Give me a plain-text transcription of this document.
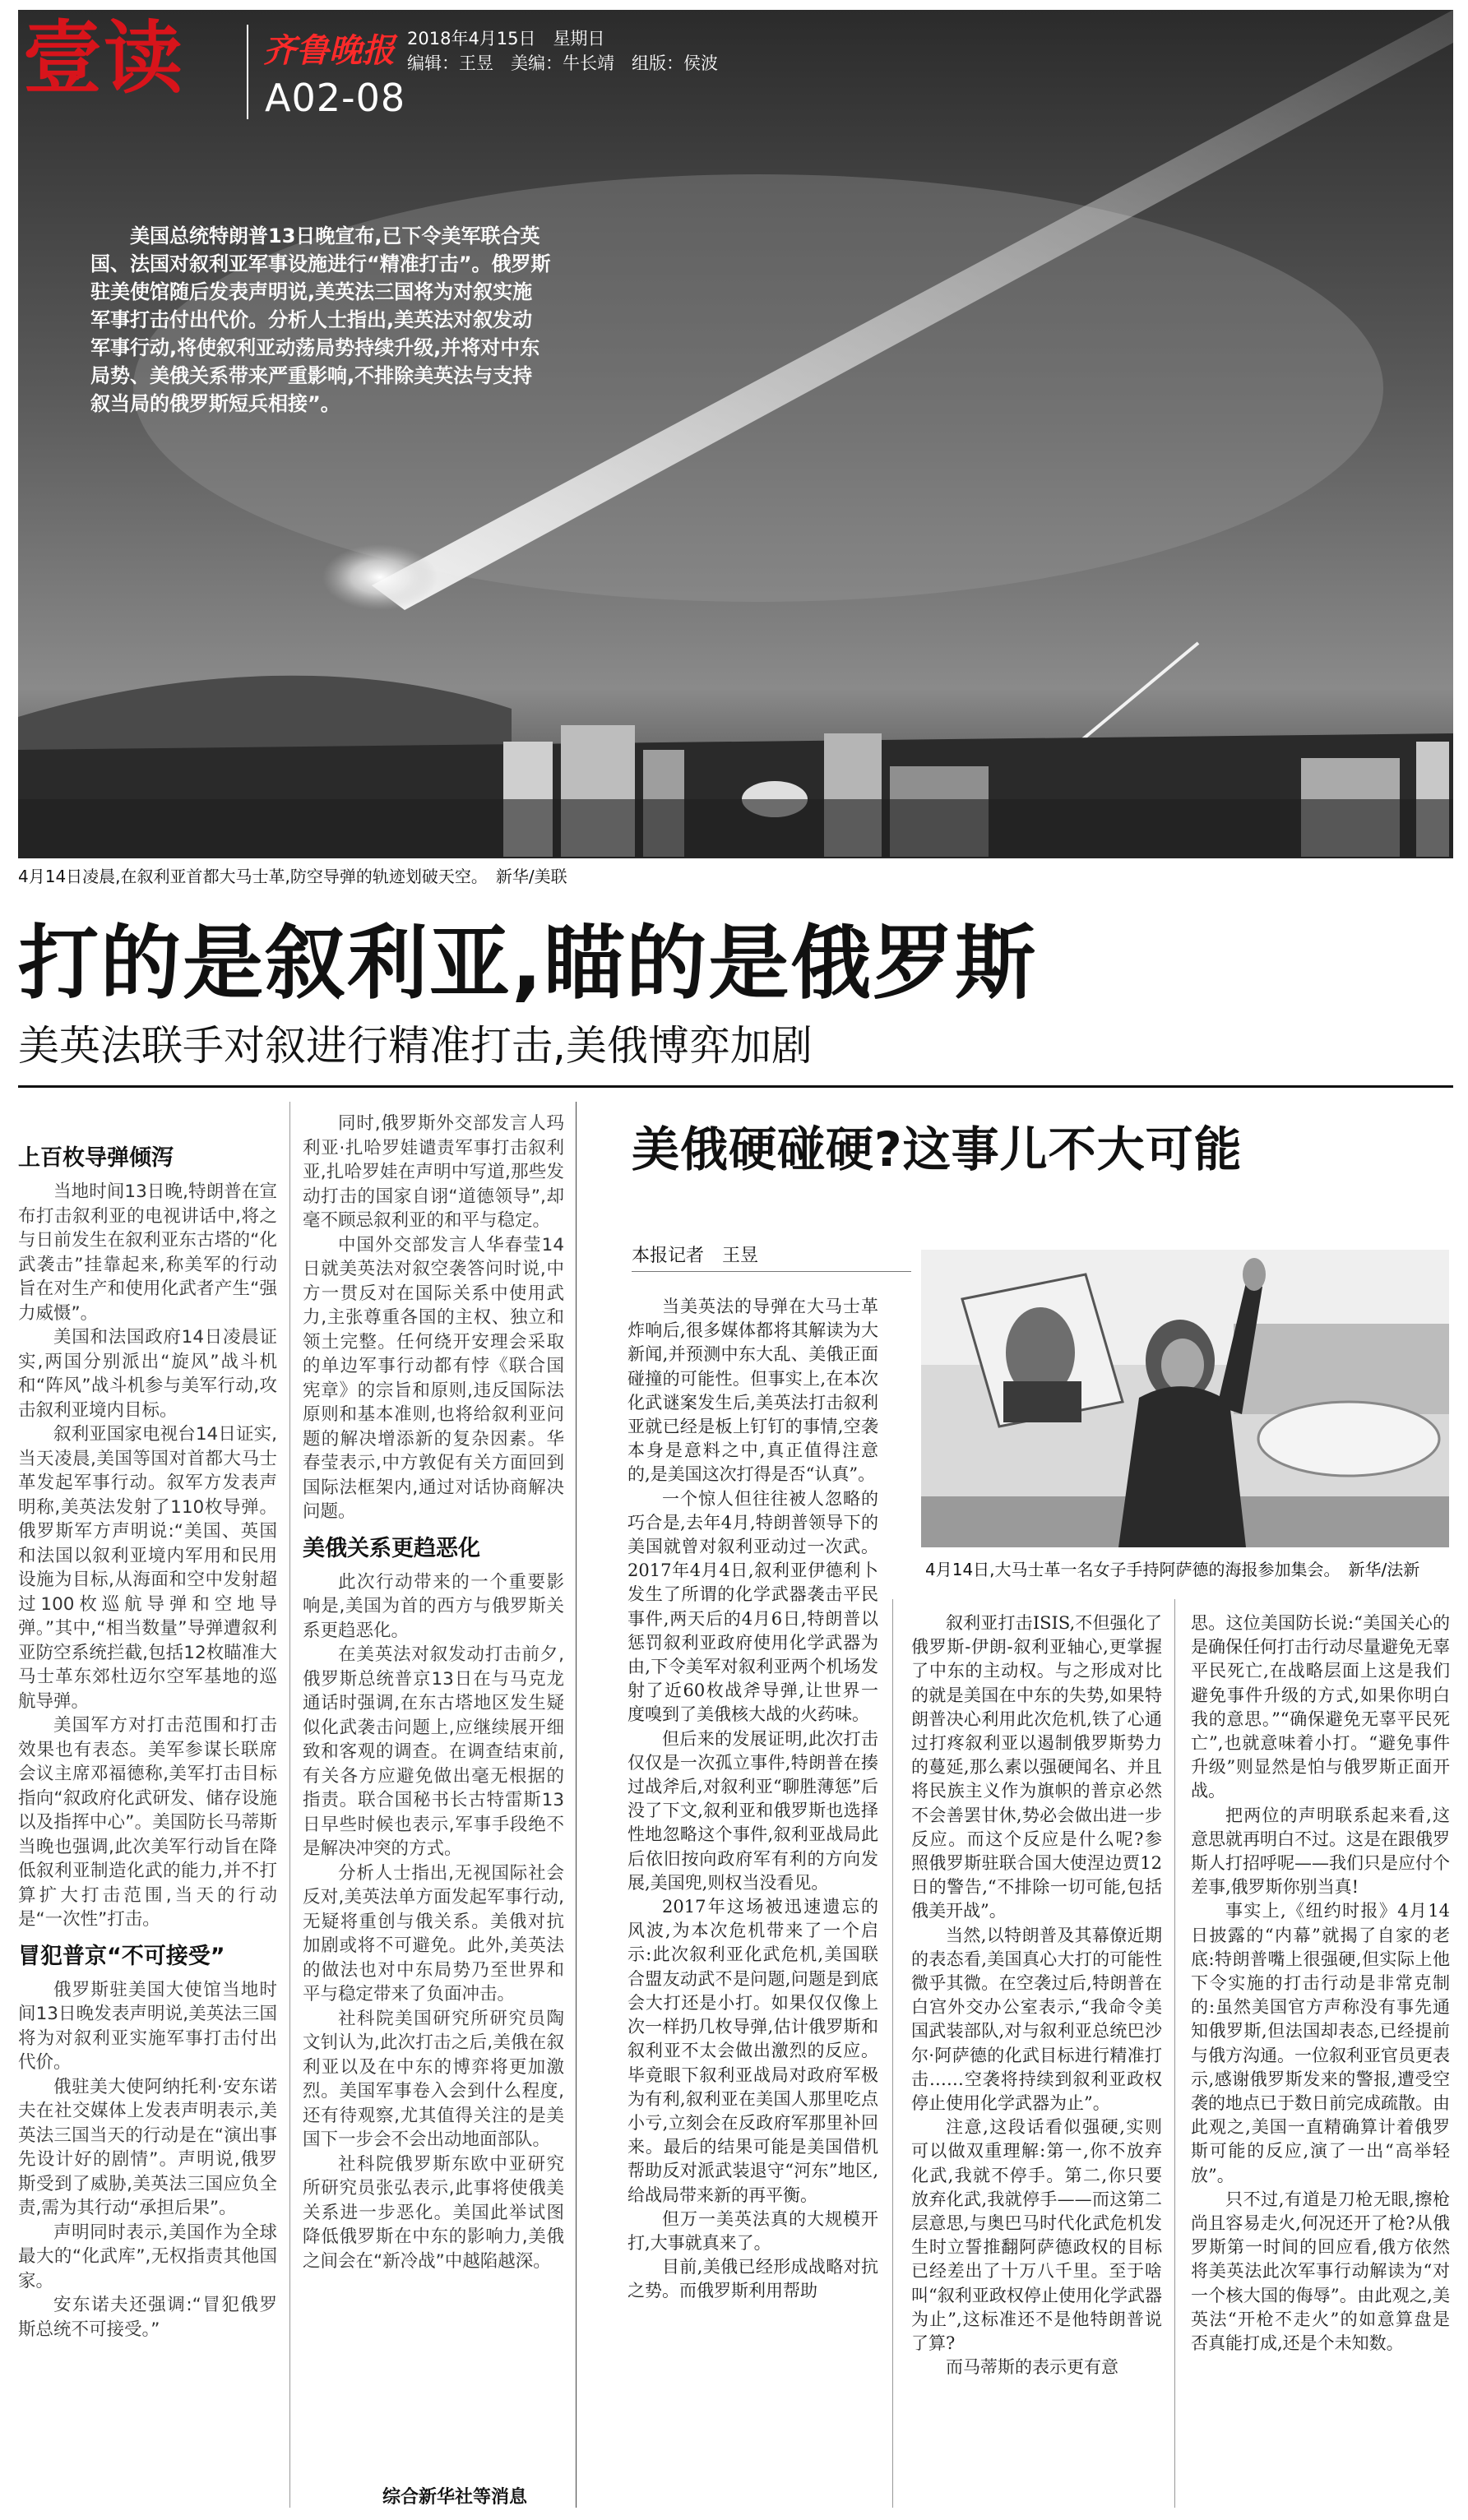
壹读 齐鲁晚报 2018年4月15日　星期日
编辑：王昱　美编：牛长靖　组版：侯波
A02-08
美国总统特朗普13日晚宣布,已下令美军联合英国、法国对叙利亚军事设施进行“精准打击”。俄罗斯驻美使馆随后发表声明说,美英法三国将为对叙实施军事打击付出代价。分析人士指出,美英法对叙发动军事行动,将使叙利亚动荡局势持续升级,并将对中东局势、美俄关系带来严重影响,不排除美英法与支持叙当局的俄罗斯短兵相接”。
4月14日凌晨,在叙利亚首都大马士革,防空导弹的轨迹划破天空。　新华/美联
打的是叙利亚,瞄的是俄罗斯
美英法联手对叙进行精准打击,美俄博弈加剧
上百枚导弹倾泻

当地时间13日晚,特朗普在宣布打击叙利亚的电视讲话中,将之与日前发生在叙利亚东古塔的“化武袭击”挂靠起来,称美军的行动旨在对生产和使用化武者产生“强力威慑”。

美国和法国政府14日凌晨证实,两国分别派出“旋风”战斗机和“阵风”战斗机参与美军行动,攻击叙利亚境内目标。

叙利亚国家电视台14日证实,当天凌晨,美国等国对首都大马士革发起军事行动。叙军方发表声明称,美英法发射了110枚导弹。俄罗斯军方声明说:“美国、英国和法国以叙利亚境内军用和民用设施为目标,从海面和空中发射超过100枚巡航导弹和空地导弹。”其中,“相当数量”导弹遭叙利亚防空系统拦截,包括12枚瞄准大马士革东郊杜迈尔空军基地的巡航导弹。

美国军方对打击范围和打击效果也有表态。美军参谋长联席会议主席邓福德称,美军打击目标指向“叙政府化武研发、储存设施以及指挥中心”。美国防长马蒂斯当晚也强调,此次美军行动旨在降低叙利亚制造化武的能力,并不打算扩大打击范围,当天的行动是“一次性”打击。

冒犯普京“不可接受”

俄罗斯驻美国大使馆当地时间13日晚发表声明说,美英法三国将为对叙利亚实施军事打击付出代价。

俄驻美大使阿纳托利·安东诺夫在社交媒体上发表声明表示,美英法三国当天的行动是在“演出事先设计好的剧情”。声明说,俄罗斯受到了威胁,美英法三国应负全责,需为其行动“承担后果”。

声明同时表示,美国作为全球最大的“化武库”,无权指责其他国家。

安东诺夫还强调:“冒犯俄罗斯总统不可接受。”

同时,俄罗斯外交部发言人玛利亚·扎哈罗娃谴责军事打击叙利亚,扎哈罗娃在声明中写道,那些发动打击的国家自诩“道德领导”,却毫不顾忌叙利亚的和平与稳定。

中国外交部发言人华春莹14日就美英法对叙空袭答问时说,中方一贯反对在国际关系中使用武力,主张尊重各国的主权、独立和领土完整。任何绕开安理会采取的单边军事行动都有悖《联合国宪章》的宗旨和原则,违反国际法原则和基本准则,也将给叙利亚问题的解决增添新的复杂因素。华春莹表示,中方敦促有关方面回到国际法框架内,通过对话协商解决问题。

美俄关系更趋恶化

此次行动带来的一个重要影响是,美国为首的西方与俄罗斯关系更趋恶化。

在美英法对叙发动打击前夕,俄罗斯总统普京13日在与马克龙通话时强调,在东古塔地区发生疑似化武袭击问题上,应继续展开细致和客观的调查。在调查结束前,有关各方应避免做出毫无根据的指责。联合国秘书长古特雷斯13日早些时候也表示,军事手段绝不是解决冲突的方式。

分析人士指出,无视国际社会反对,美英法单方面发起军事行动,无疑将重创与俄关系。美俄对抗加剧或将不可避免。此外,美英法的做法也对中东局势乃至世界和平与稳定带来了负面冲击。

社科院美国研究所研究员陶文钊认为,此次打击之后,美俄在叙利亚以及在中东的博弈将更加激烈。美国军事卷入会到什么程度,还有待观察,尤其值得关注的是美国下一步会不会出动地面部队。

社科院俄罗斯东欧中亚研究所研究员张弘表示,此事将使俄美关系进一步恶化。美国此举试图降低俄罗斯在中东的影响力,美俄之间会在“新冷战”中越陷越深。

综合新华社等消息
美俄硬碰硬?这事儿不大可能
本报记者　王昱
4月14日,大马士革一名女子手持阿萨德的海报参加集会。　新华/法新

当美英法的导弹在大马士革炸响后,很多媒体都将其解读为大新闻,并预测中东大乱、美俄正面碰撞的可能性。但事实上,在本次化武谜案发生后,美英法打击叙利亚就已经是板上钉钉的事情,空袭本身是意料之中,真正值得注意的,是美国这次打得是否“认真”。

一个惊人但往往被人忽略的巧合是,去年4月,特朗普领导下的美国就曾对叙利亚动过一次武。2017年4月4日,叙利亚伊德利卜发生了所谓的化学武器袭击平民事件,两天后的4月6日,特朗普以惩罚叙利亚政府使用化学武器为由,下令美军对叙利亚两个机场发射了近60枚战斧导弹,让世界一度嗅到了美俄核大战的火药味。

但后来的发展证明,此次打击仅仅是一次孤立事件,特朗普在揍过战斧后,对叙利亚“聊胜薄惩”后没了下文,叙利亚和俄罗斯也选择性地忽略这个事件,叙利亚战局此后依旧按向政府军有利的方向发展,美国兜,则权当没看见。

2017年这场被迅速遗忘的风波,为本次危机带来了一个启示:此次叙利亚化武危机,美国联合盟友动武不是问题,问题是到底会大打还是小打。如果仅仅像上次一样扔几枚导弹,估计俄罗斯和叙利亚不太会做出激烈的反应。毕竟眼下叙利亚战局对政府军极为有利,叙利亚在美国人那里吃点小亏,立刻会在反政府军那里补回来。最后的结果可能是美国借机帮助反对派武装退守“河东”地区,给战局带来新的再平衡。

但万一美英法真的大规模开打,大事就真来了。

目前,美俄已经形成战略对抗之势。而俄罗斯利用帮助

叙利亚打击ISIS,不但强化了俄罗斯-伊朗-叙利亚轴心,更掌握了中东的主动权。与之形成对比的就是美国在中东的失势,如果特朗普决心利用此次危机,铁了心通过打疼叙利亚以遏制俄罗斯势力的蔓延,那么素以强硬闻名、并且将民族主义作为旗帜的普京必然不会善罢甘休,势必会做出进一步反应。而这个反应是什么呢?参照俄罗斯驻联合国大使涅边贾12日的警告,“不排除一切可能,包括俄美开战”。

当然,以特朗普及其幕僚近期的表态看,美国真心大打的可能性微乎其微。在空袭过后,特朗普在白宫外交办公室表示,“我命令美国武装部队,对与叙利亚总统巴沙尔·阿萨德的化武目标进行精准打击……空袭将持续到叙利亚政权停止使用化学武器为止”。

注意,这段话看似强硬,实则可以做双重理解:第一,你不放弃化武,我就不停手。第二,你只要放弃化武,我就停手——而这第二层意思,与奥巴马时代化武危机发生时立誓推翻阿萨德政权的目标已经差出了十万八千里。至于啥叫“叙利亚政权停止使用化学武器为止”,这标准还不是他特朗普说了算?

而马蒂斯的表示更有意

思。这位美国防长说:“美国关心的是确保任何打击行动尽量避免无辜平民死亡,在战略层面上这是我们避免事件升级的方式,如果你明白我的意思。”“确保避免无辜平民死亡”,也就意味着小打。“避免事件升级”则显然是怕与俄罗斯正面开战。

把两位的声明联系起来看,这意思就再明白不过。这是在跟俄罗斯人打招呼呢——我们只是应付个差事,俄罗斯你别当真!

事实上,《纽约时报》4月14日披露的“内幕”就揭了自家的老底:特朗普嘴上很强硬,但实际上他下令实施的打击行动是非常克制的:虽然美国官方声称没有事先通知俄罗斯,但法国却表态,已经提前与俄方沟通。一位叙利亚官员更表示,感谢俄罗斯发来的警报,遭受空袭的地点已于数日前完成疏散。由此观之,美国一直精确算计着俄罗斯可能的反应,演了一出“高举轻放”。

只不过,有道是刀枪无眼,擦枪尚且容易走火,何况还开了枪?从俄罗斯第一时间的回应看,俄方依然将美英法此次军事行动解读为“对一个核大国的侮辱”。由此观之,美英法“开枪不走火”的如意算盘是否真能打成,还是个未知数。
